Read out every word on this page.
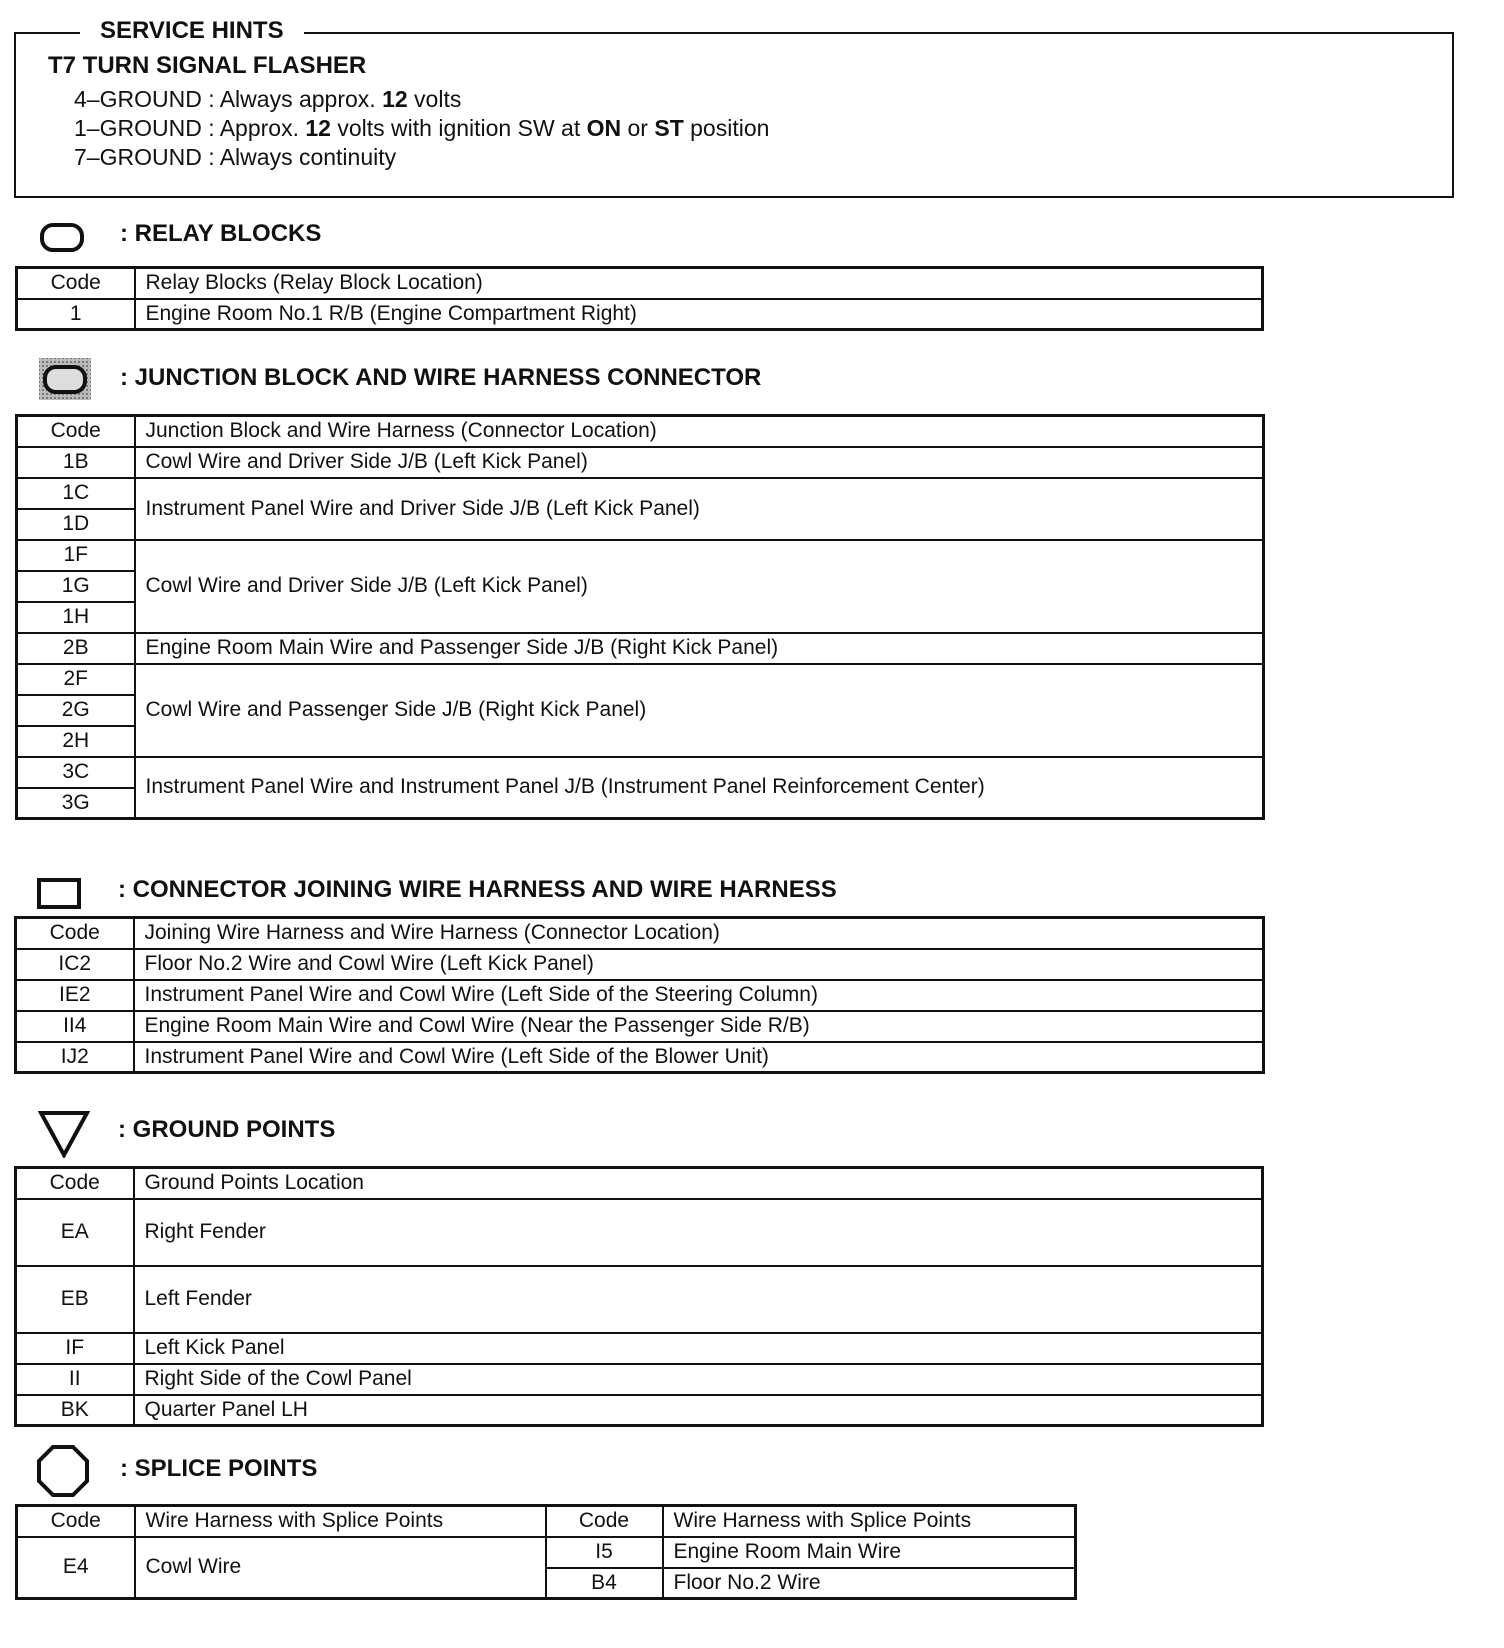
T7 TURN SIGNAL FLASHER
4–GROUND : Always approx. 12 volts
1–GROUND : Approx. 12 volts with ignition SW at ON or ST position
7–GROUND : Always continuity
SERVICE HINTS
: RELAY BLOCKS
Code	Relay Blocks (Relay Block Location)
1	Engine Room No.1 R/B (Engine Compartment Right)
: JUNCTION BLOCK AND WIRE HARNESS CONNECTOR
Code	Junction Block and Wire Harness (Connector Location)
1B	Cowl Wire and Driver Side J/B (Left Kick Panel)
1C	Instrument Panel Wire and Driver Side J/B (Left Kick Panel)
1D	
1F	Cowl Wire and Driver Side J/B (Left Kick Panel)
1G	
1H	
2B	Engine Room Main Wire and Passenger Side J/B (Right Kick Panel)
2F	Cowl Wire and Passenger Side J/B (Right Kick Panel)
2G	
2H	
3C	Instrument Panel Wire and Instrument Panel J/B (Instrument Panel Reinforcement Center)
3G	
: CONNECTOR JOINING WIRE HARNESS AND WIRE HARNESS
Code	Joining Wire Harness and Wire Harness (Connector Location)
IC2	Floor No.2 Wire and Cowl Wire (Left Kick Panel)
IE2	Instrument Panel Wire and Cowl Wire (Left Side of the Steering Column)
II4	Engine Room Main Wire and Cowl Wire (Near the Passenger Side R/B)
IJ2	Instrument Panel Wire and Cowl Wire (Left Side of the Blower Unit)
: GROUND POINTS
Code	Ground Points Location
EA	Right Fender
EB	Left Fender
IF	Left Kick Panel
II	Right Side of the Cowl Panel
BK	Quarter Panel LH
: SPLICE POINTS
Code	Wire Harness with Splice Points	Code	Wire Harness with Splice Points
E4	Cowl Wire	I5	Engine Room Main Wire
		B4	Floor No.2 Wire
